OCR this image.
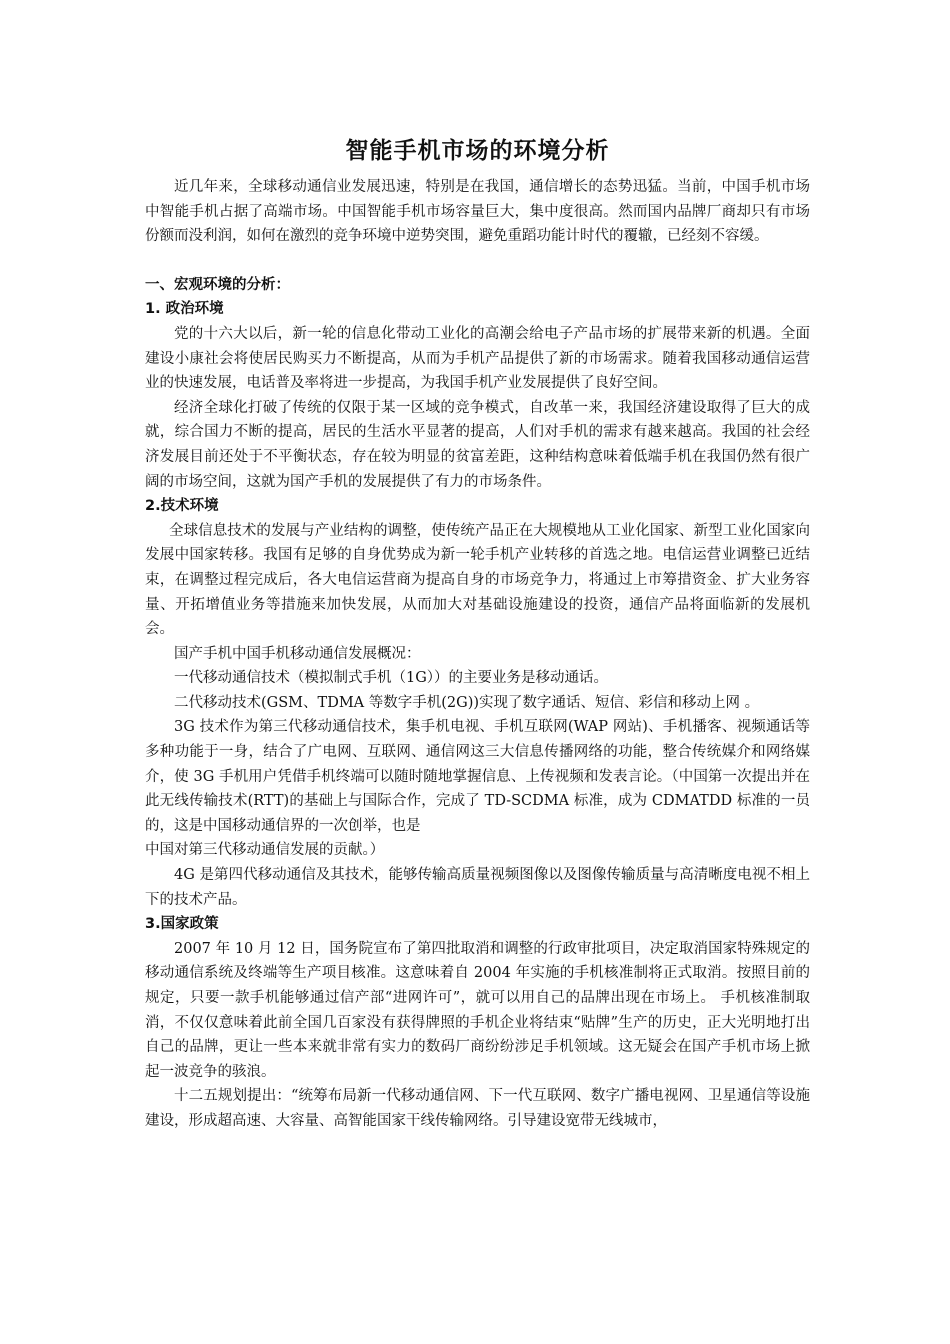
智能手机市场的环境分析

近几年来，全球移动通信业发展迅速，特别是在我国，通信增长的态势迅猛。当前，中国手机市场中智能手机占据了高端市场。中国智能手机市场容量巨大，集中度很高。然而国内品牌厂商却只有市场份额而没利润，如何在激烈的竞争环境中逆势突围，避免重蹈功能计时代的覆辙，已经刻不容缓。

一、宏观环境的分析：
1. 政治环境

党的十六大以后，新一轮的信息化带动工业化的高潮会给电子产品市场的扩展带来新的机遇。全面建设小康社会将使居民购买力不断提高，从而为手机产品提供了新的市场需求。随着我国移动通信运营业的快速发展，电话普及率将进一步提高，为我国手机产业发展提供了良好空间。

经济全球化打破了传统的仅限于某一区域的竞争模式，自改革一来，我国经济建设取得了巨大的成就，综合国力不断的提高，居民的生活水平显著的提高，人们对手机的需求有越来越高。我国的社会经济发展目前还处于不平衡状态，存在较为明显的贫富差距，这种结构意味着低端手机在我国仍然有很广阔的市场空间，这就为国产手机的发展提供了有力的市场条件。

2.技术环境

全球信息技术的发展与产业结构的调整，使传统产品正在大规模地从工业化国家、新型工业化国家向发展中国家转移。我国有足够的自身优势成为新一轮手机产业转移的首选之地。电信运营业调整已近结束，在调整过程完成后，各大电信运营商为提高自身的市场竞争力，将通过上市筹措资金、扩大业务容量、开拓增值业务等措施来加快发展，从而加大对基础设施建设的投资，通信产品将面临新的发展机会。

国产手机中国手机移动通信发展概况：

一代移动通信技术（模拟制式手机（1G））的主要业务是移动通话。

二代移动技术(GSM、TDMA 等数字手机(2G))实现了数字通话、短信、彩信和移动上网 。

3G 技术作为第三代移动通信技术，集手机电视、手机互联网(WAP 网站)、手机播客、视频通话等多种功能于一身，结合了广电网、互联网、通信网这三大信息传播网络的功能，整合传统媒介和网络媒介，使 3G 手机用户凭借手机终端可以随时随地掌握信息、上传视频和发表言论。（中国第一次提出并在此无线传输技术(RTT)的基础上与国际合作，完成了 TD-SCDMA 标准，成为 CDMATDD 标准的一员的，这是中国移动通信界的一次创举，也是

中国对第三代移动通信发展的贡献。）

4G 是第四代移动通信及其技术，能够传输高质量视频图像以及图像传输质量与高清晰度电视不相上下的技术产品。

3.国家政策

2007 年 10 月 12 日，国务院宣布了第四批取消和调整的行政审批项目，决定取消国家特殊规定的移动通信系统及终端等生产项目核准。这意味着自 2004 年实施的手机核准制将正式取消。按照目前的规定，只要一款手机能够通过信产部“进网许可”，就可以用自己的品牌出现在市场上。 手机核准制取消，不仅仅意味着此前全国几百家没有获得牌照的手机企业将结束“贴牌”生产的历史，正大光明地打出自己的品牌，更让一些本来就非常有实力的数码厂商纷纷涉足手机领域。这无疑会在国产手机市场上掀起一波竞争的骇浪。

十二五规划提出：“统筹布局新一代移动通信网、下一代互联网、数字广播电视网、卫星通信等设施建设，形成超高速、大容量、高智能国家干线传输网络。引导建设宽带无线城市，
